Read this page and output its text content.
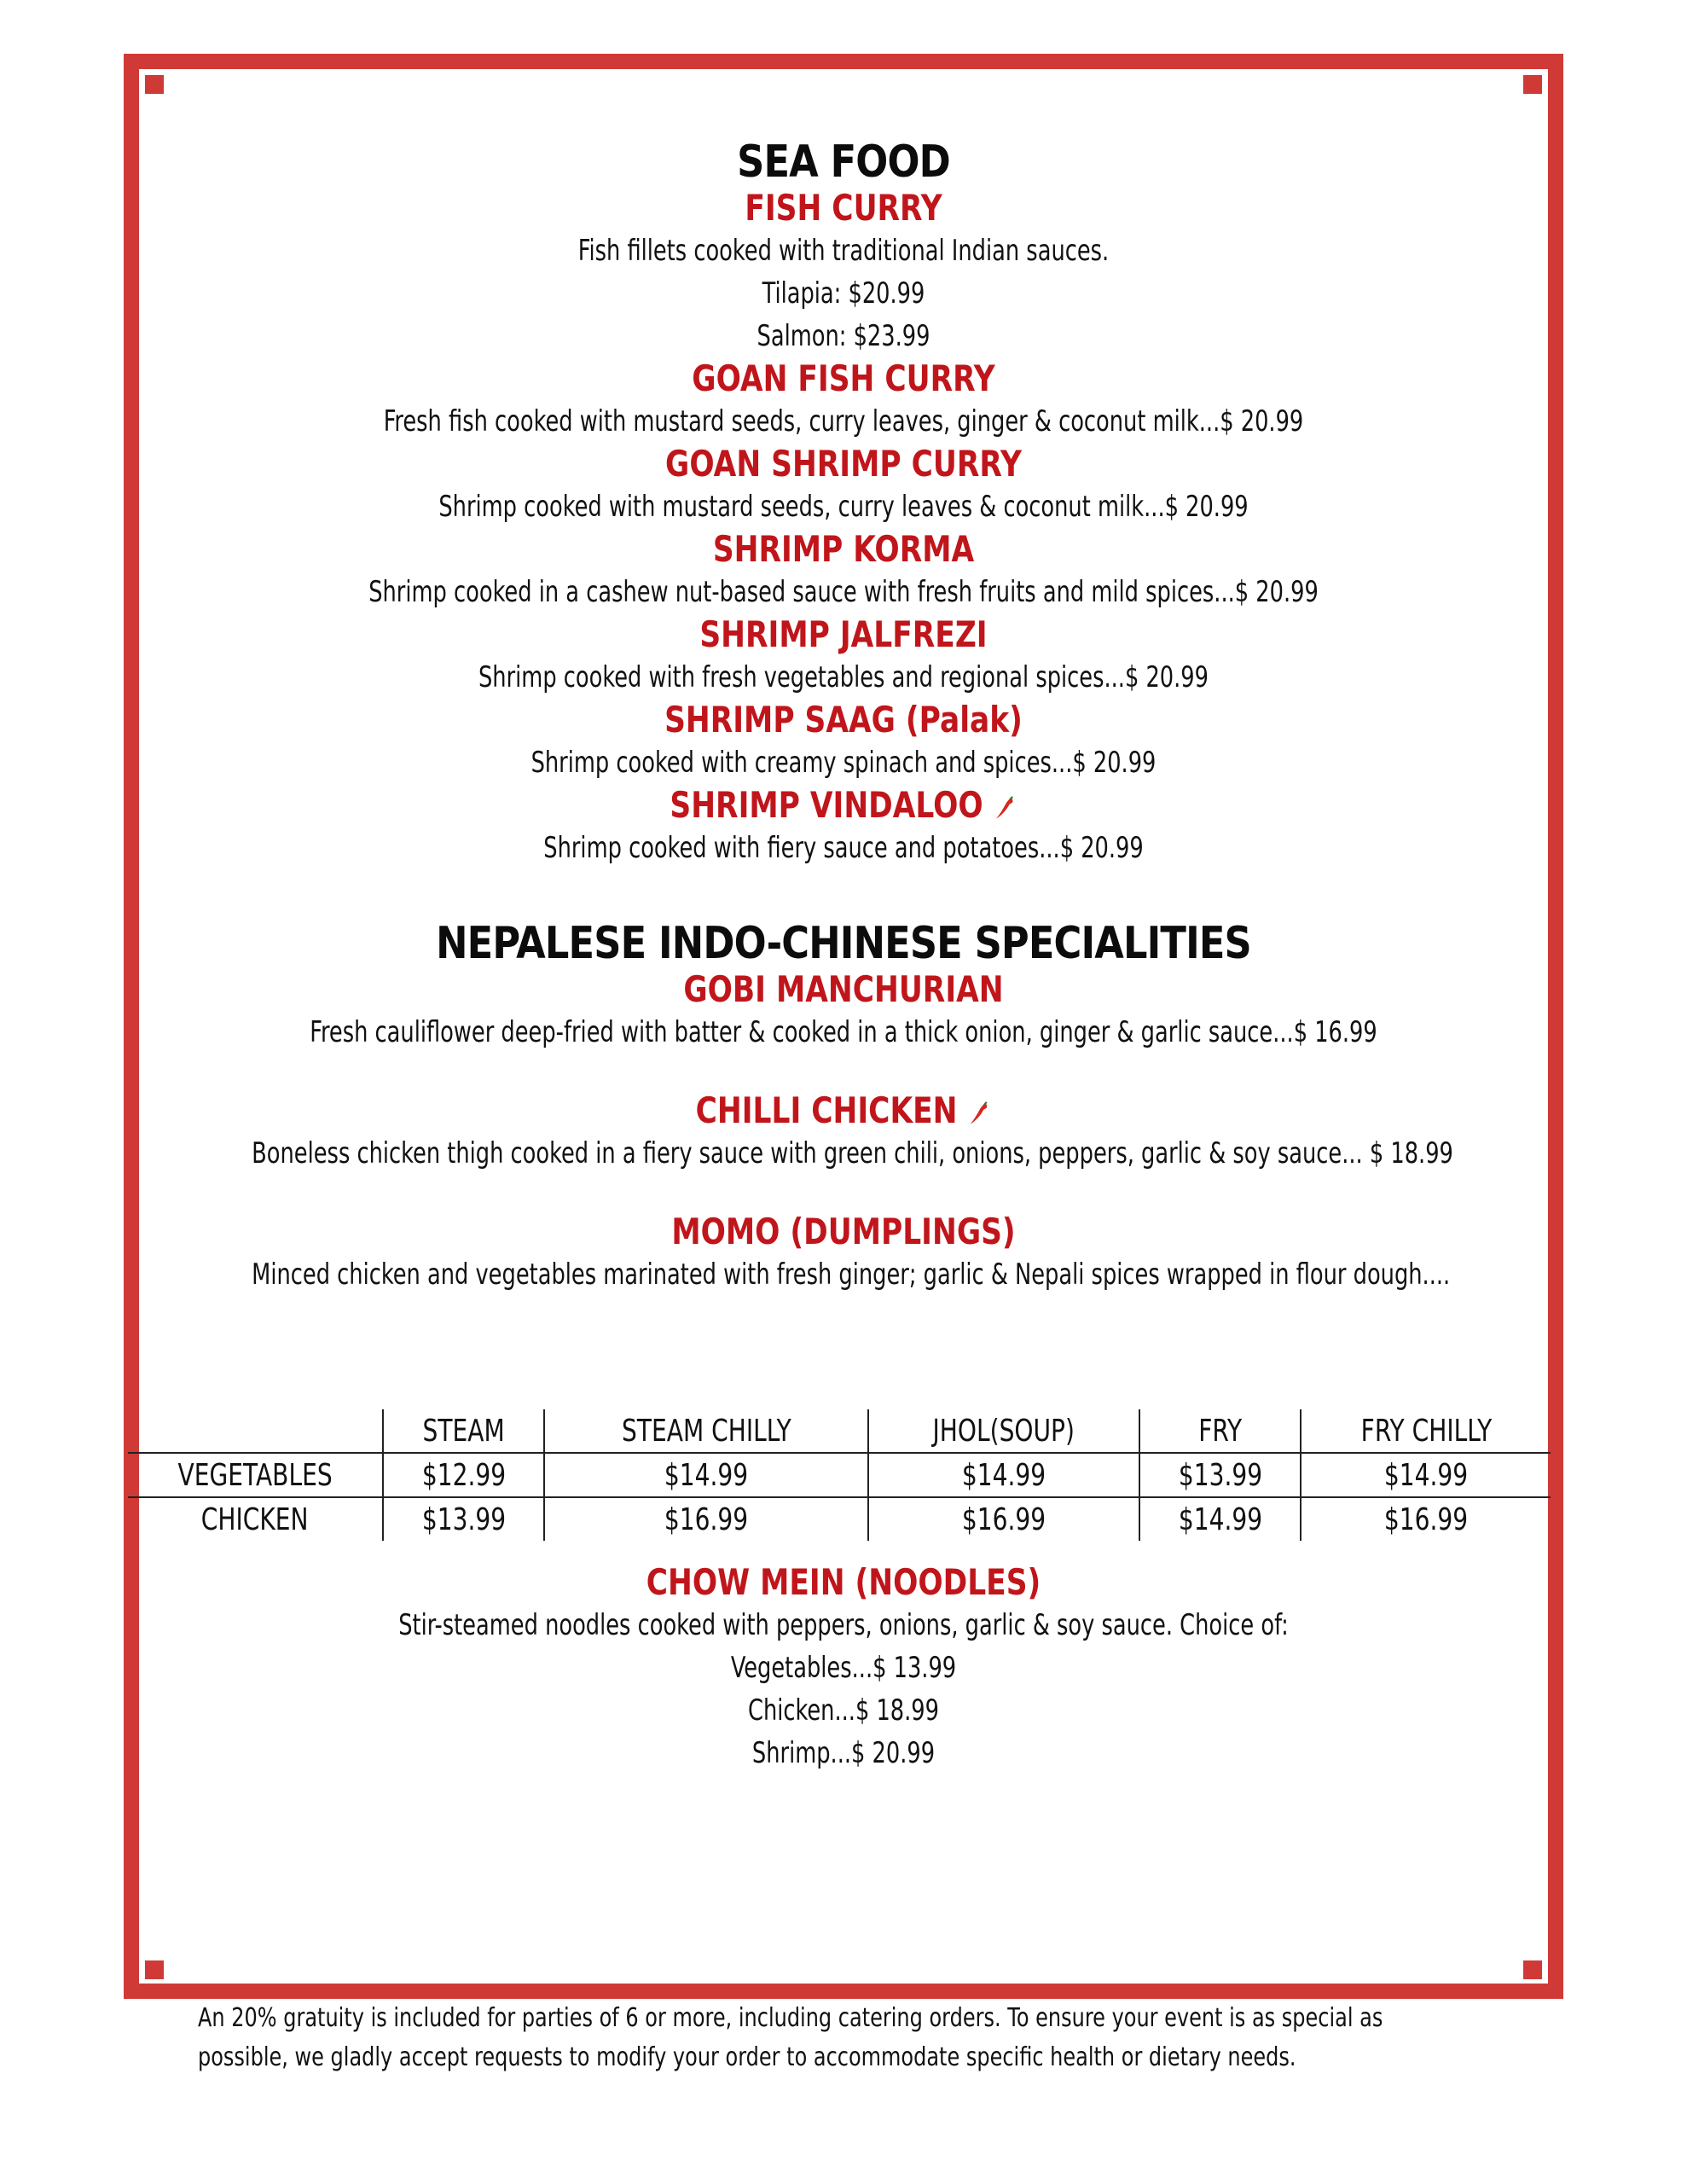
SEA FOOD

FISH CURRY

Fish fillets cooked with traditional Indian sauces.

Tilapia: $20.99

Salmon: $23.99

GOAN FISH CURRY

Fresh fish cooked with mustard seeds, curry leaves, ginger & coconut milk...$ 20.99

GOAN SHRIMP CURRY

Shrimp cooked with mustard seeds, curry leaves & coconut milk...$ 20.99

SHRIMP KORMA

Shrimp cooked in a cashew nut-based sauce with fresh fruits and mild spices...$ 20.99

SHRIMP JALFREZI

Shrimp cooked with fresh vegetables and regional spices...$ 20.99

SHRIMP SAAG (Palak)

Shrimp cooked with creamy spinach and spices...$ 20.99

SHRIMP VINDALOO

Shrimp cooked with fiery sauce and potatoes...$ 20.99

NEPALESE INDO-CHINESE SPECIALITIES

GOBI MANCHURIAN

Fresh cauliflower deep-fried with batter & cooked in a thick onion, ginger & garlic sauce...$ 16.99

CHILLI CHICKEN

Boneless chicken thigh cooked in a fiery sauce with green chili, onions, peppers, garlic & soy sauce... $ 18.99

MOMO (DUMPLINGS)

Minced chicken and vegetables marinated with fresh ginger; garlic & Nepali spices wrapped in flour dough....

	STEAM	STEAM CHILLY	JHOL(SOUP)	FRY	FRY CHILLY
VEGETABLES	$12.99	$14.99	$14.99	$13.99	$14.99
CHICKEN	$13.99	$16.99	$16.99	$14.99	$16.99

CHOW MEIN (NOODLES)

Stir-steamed noodles cooked with peppers, onions, garlic & soy sauce. Choice of:

Vegetables...$ 13.99

Chicken...$ 18.99

Shrimp...$ 20.99

An 20% gratuity is included for parties of 6 or more, including catering orders. To ensure your event is as special as
possible, we gladly accept requests to modify your order to accommodate specific health or dietary needs.
